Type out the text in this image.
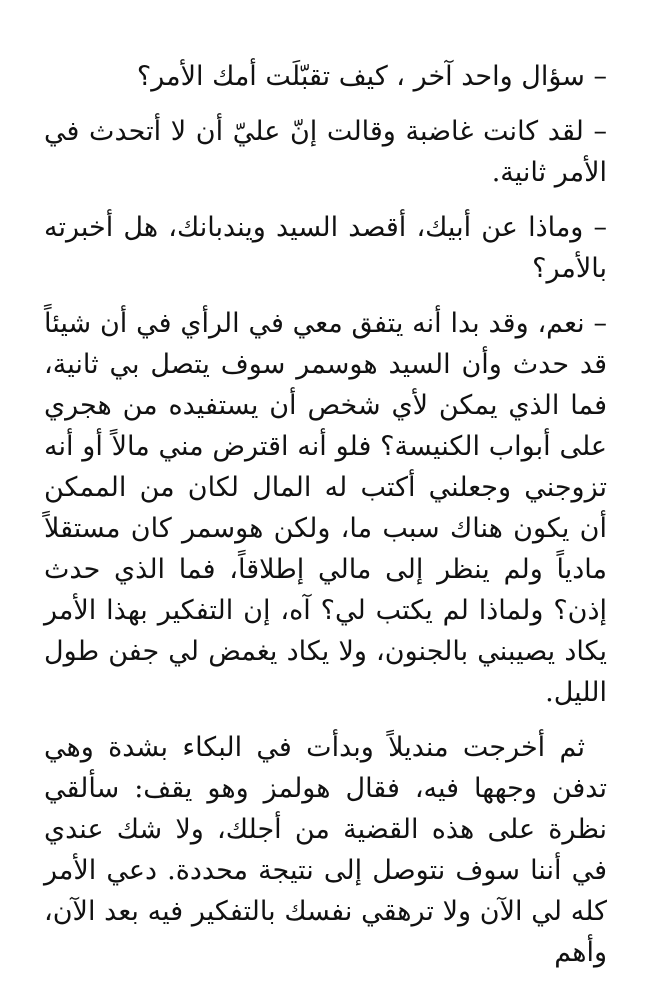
– سؤال واحد آخر ، كيف تقبّلَت أمك الأمر؟

– لقد كانت غاضبة وقالت إنّ عليّ أن لا أتحدث في الأمر ثانية.

– وماذا عن أبيك، أقصد السيد ويندبانك، هل أخبرته بالأمر؟

– نعم، وقد بدا أنه يتفق معي في الرأي في أن شيئاً قد حدث وأن السيد هوسمر سوف يتصل بي ثانية، فما الذي يمكن لأي شخص أن يستفيده من هجري على أبواب الكنيسة؟ فلو أنه اقترض مني مالاً أو أنه تزوجني وجعلني أكتب له المال لكان من الممكن أن يكون هناك سبب ما، ولكن هوسمر كان مستقلاً مادياً ولم ينظر إلى مالي إطلاقاً، فما الذي حدث إذن؟ ولماذا لم يكتب لي؟ آه، إن التفكير بهذا الأمر يكاد يصيبني بالجنون، ولا يكاد يغمض لي جفن طول الليل.

ثم أخرجت منديلاً وبدأت في البكاء بشدة وهي تدفن وجهها فيه، فقال هولمز وهو يقف: سألقي نظرة على هذه القضية من أجلك، ولا شك عندي في أننا سوف نتوصل إلى نتيجة محددة. دعي الأمر كله لي الآن ولا ترهقي نفسك بالتفكير فيه بعد الآن، وأهم
